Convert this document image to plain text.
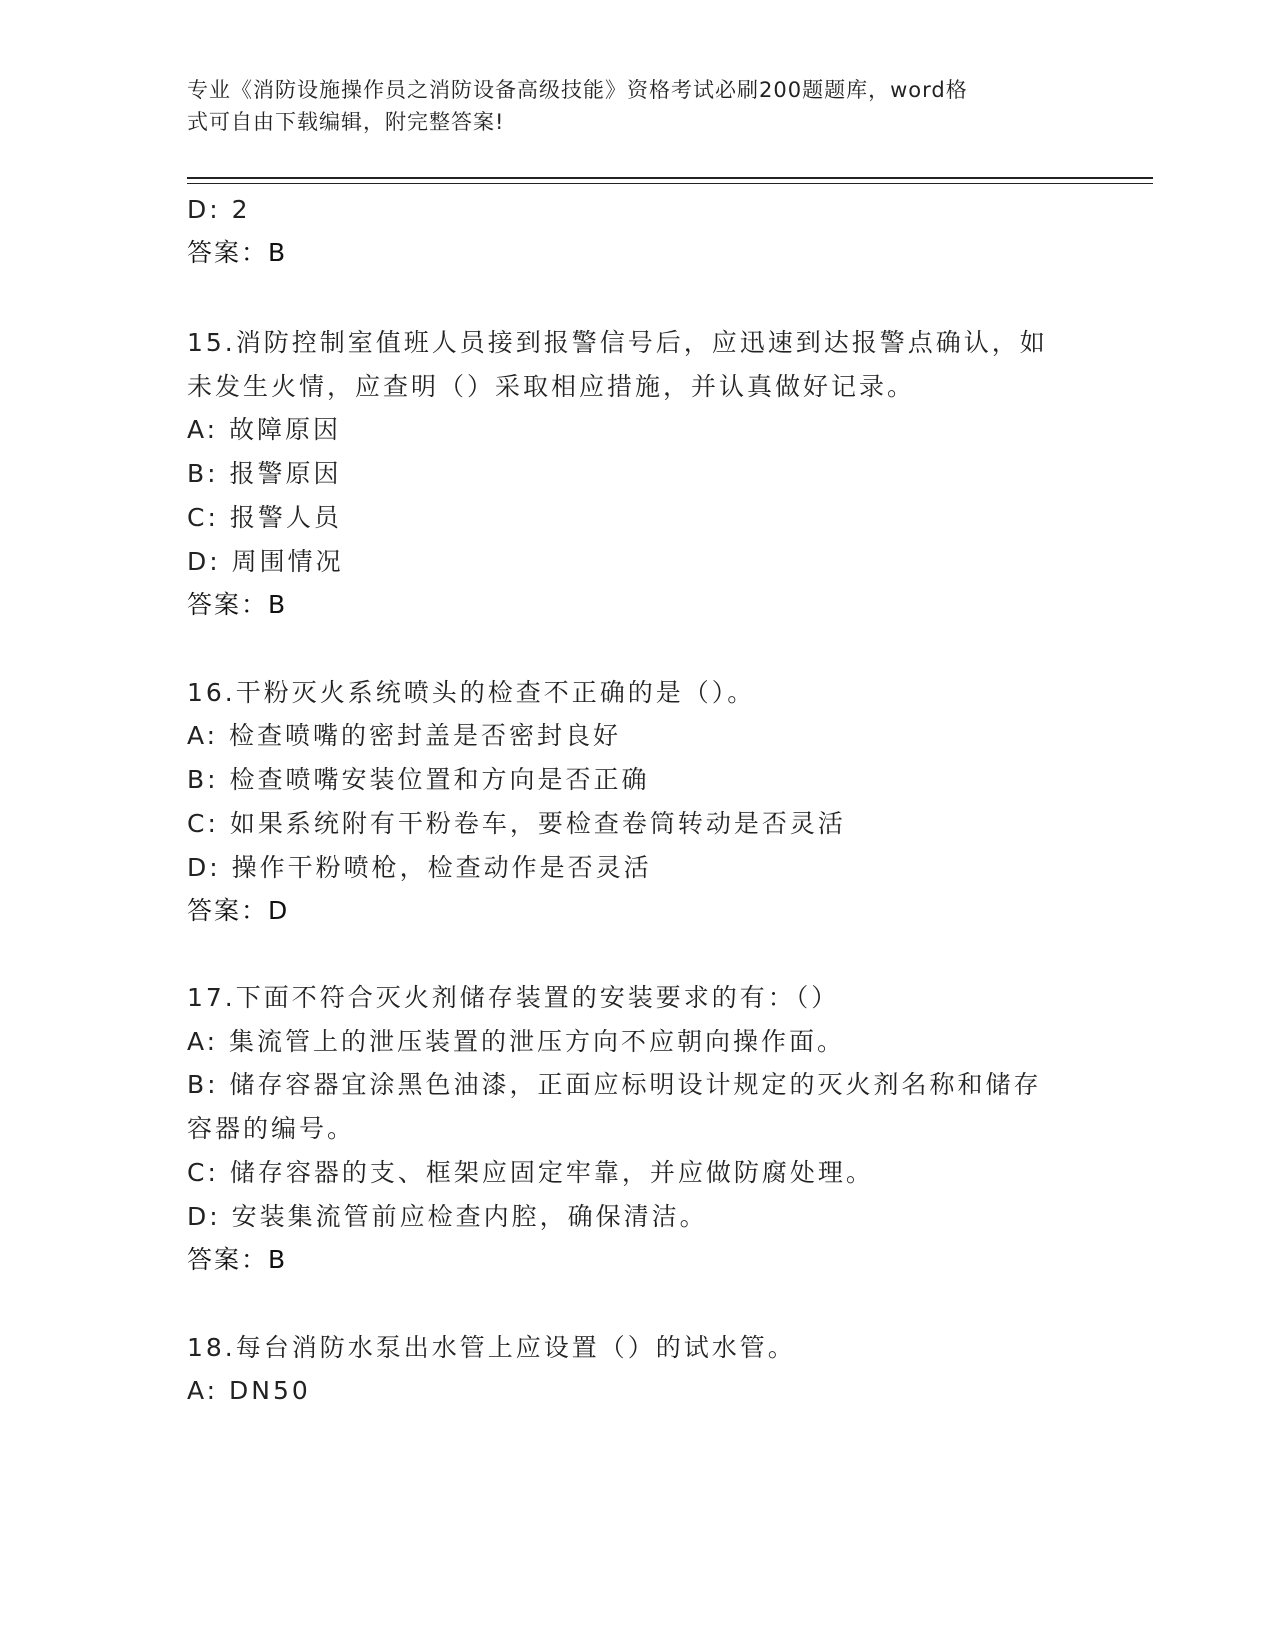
专业《消防设施操作员之消防设备高级技能》资格考试必刷200题题库，word格
式可自由下载编辑，附完整答案!
D: 2
答案：B
15.消防控制室值班人员接到报警信号后，应迅速到达报警点确认，如
未发生火情，应查明（）采取相应措施，并认真做好记录。
A: 故障原因
B: 报警原因
C: 报警人员
D: 周围情况
答案：B
16.干粉灭火系统喷头的检查不正确的是（）。
A: 检查喷嘴的密封盖是否密封良好
B: 检查喷嘴安装位置和方向是否正确
C: 如果系统附有干粉卷车，要检查卷筒转动是否灵活
D: 操作干粉喷枪，检查动作是否灵活
答案：D
17.下面不符合灭火剂储存装置的安装要求的有：（）
A: 集流管上的泄压装置的泄压方向不应朝向操作面。
B: 储存容器宜涂黑色油漆，正面应标明设计规定的灭火剂名称和储存
容器的编号。
C: 储存容器的支、框架应固定牢靠，并应做防腐处理。
D: 安装集流管前应检查内腔，确保清洁。
答案：B
18.每台消防水泵出水管上应设置（）的试水管。
A: DN50
